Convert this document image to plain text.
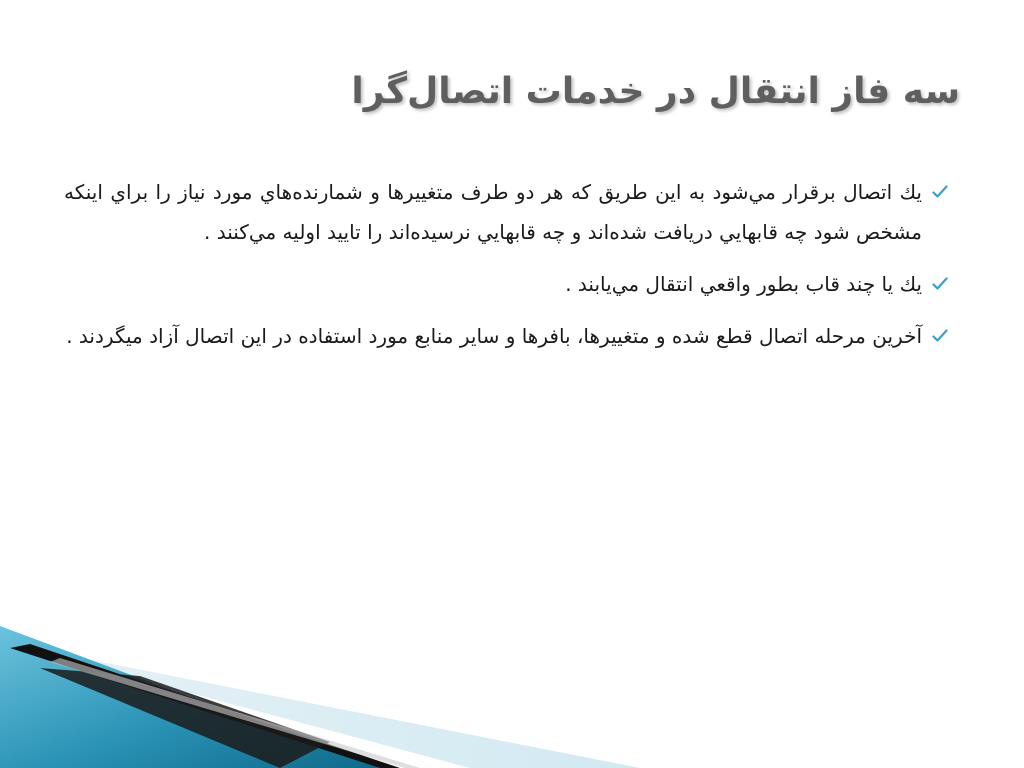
سه فاز انتقال در خدمات اتصال‌گرا
يك اتصال برقرار مي‌شود به اين طريق كه هر دو طرف متغييرها و شمارنده‌هاي مورد نياز را براي اينكه مشخص شود چه قابهايي دريافت شده‌اند و چه قابهايي نرسيده‌اند را تاييد اوليه مي‌كنند .
يك يا چند قاب بطور واقعي انتقال مي‌يابند .
آخرين مرحله اتصال قطع شده و متغييرها، بافرها و ساير منابع مورد استفاده در اين اتصال آزاد ميگردند .
